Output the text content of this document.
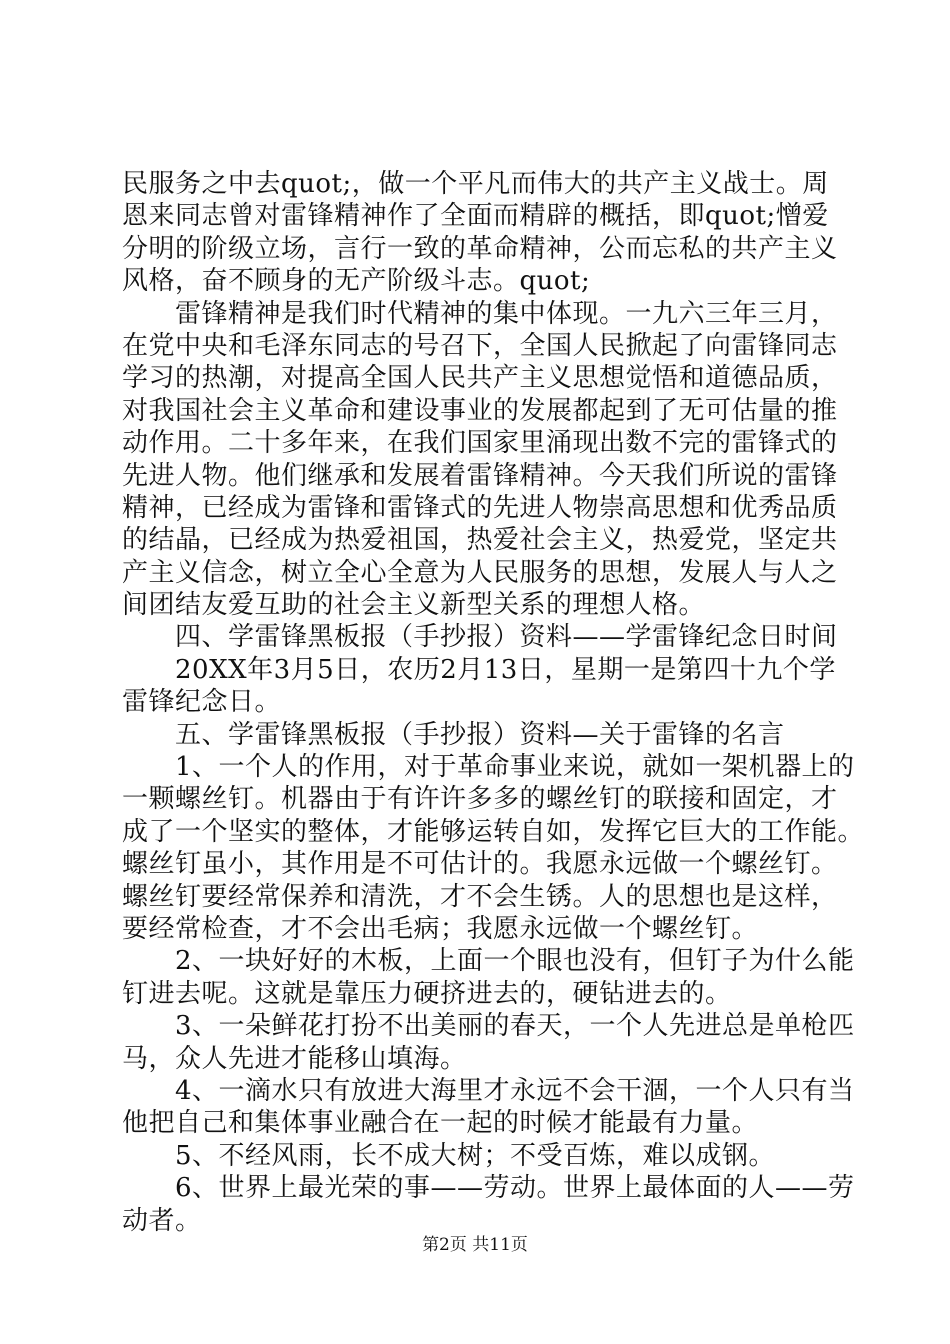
民服务之中去quot;，做一个平凡而伟大的共产主义战士。周
恩来同志曾对雷锋精神作了全面而精辟的概括，即quot;憎爱
分明的阶级立场，言行一致的革命精神，公而忘私的共产主义
风格，奋不顾身的无产阶级斗志。quot;
　　雷锋精神是我们时代精神的集中体现。一九六三年三月，
在党中央和毛泽东同志的号召下，全国人民掀起了向雷锋同志
学习的热潮，对提高全国人民共产主义思想觉悟和道德品质，
对我国社会主义革命和建设事业的发展都起到了无可估量的推
动作用。二十多年来，在我们国家里涌现出数不完的雷锋式的
先进人物。他们继承和发展着雷锋精神。今天我们所说的雷锋
精神，已经成为雷锋和雷锋式的先进人物崇高思想和优秀品质
的结晶，已经成为热爱祖国，热爱社会主义，热爱党，坚定共
产主义信念，树立全心全意为人民服务的思想，发展人与人之
间团结友爱互助的社会主义新型关系的理想人格。
　　四、学雷锋黑板报（手抄报）资料——学雷锋纪念日时间
　　20XX年3月5日，农历2月13日，星期一是第四十九个学
雷锋纪念日。
　　五、学雷锋黑板报（手抄报）资料—关于雷锋的名言
　　1、一个人的作用，对于革命事业来说，就如一架机器上的
一颗螺丝钉。机器由于有许许多多的螺丝钉的联接和固定，才
成了一个坚实的整体，才能够运转自如，发挥它巨大的工作能。
螺丝钉虽小，其作用是不可估计的。我愿永远做一个螺丝钉。
螺丝钉要经常保养和清洗，才不会生锈。人的思想也是这样，
要经常检查，才不会出毛病；我愿永远做一个螺丝钉。
　　2、一块好好的木板，上面一个眼也没有，但钉子为什么能
钉进去呢。这就是靠压力硬挤进去的，硬钻进去的。
　　3、一朵鲜花打扮不出美丽的春天，一个人先进总是单枪匹
马，众人先进才能移山填海。
　　4、一滴水只有放进大海里才永远不会干涸，一个人只有当
他把自己和集体事业融合在一起的时候才能最有力量。
　　5、不经风雨，长不成大树；不受百炼，难以成钢。
　　6、世界上最光荣的事——劳动。世界上最体面的人——劳
动者。
第2页 共11页
